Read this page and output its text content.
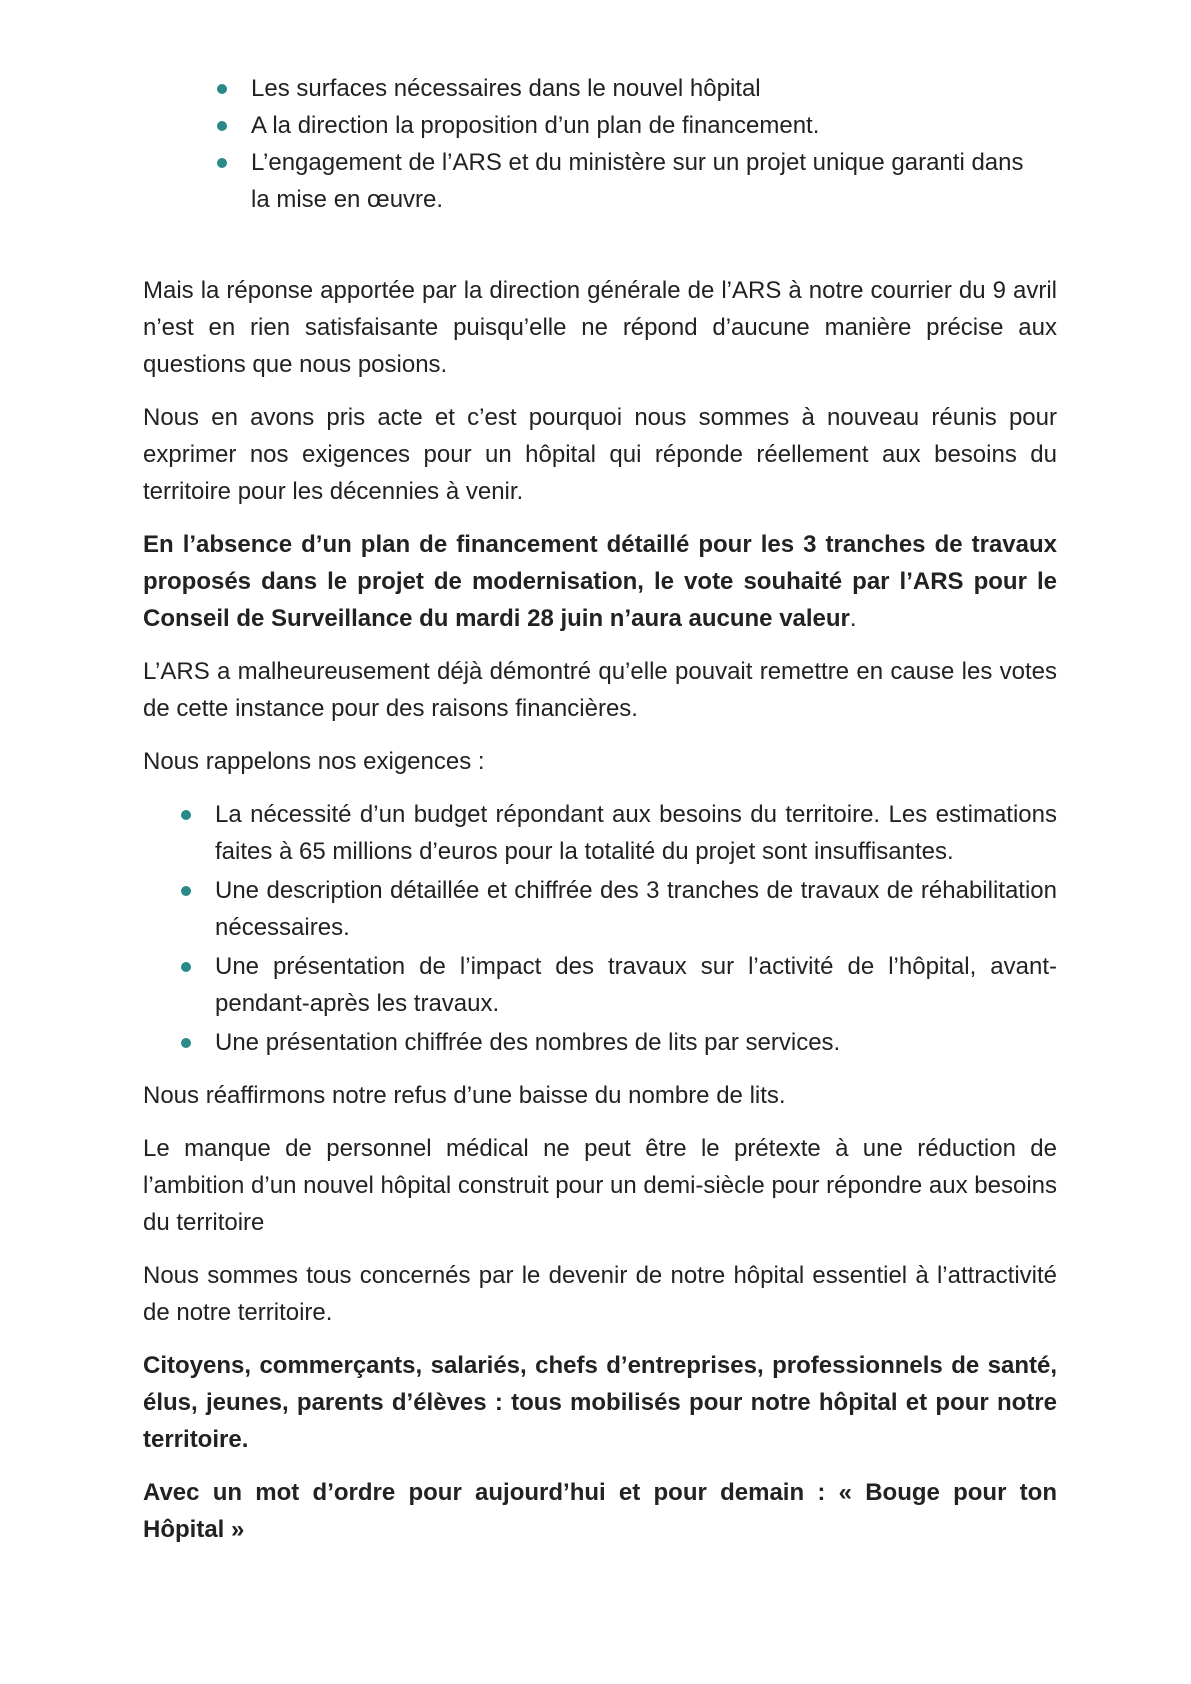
Les surfaces nécessaires dans le nouvel hôpital
A la direction la proposition d’un plan de financement.
L’engagement de l’ARS et du ministère sur un projet unique garanti dans la mise en œuvre.

Mais la réponse apportée par la direction générale de l’ARS à notre courrier du 9 avril n’est en rien satisfaisante puisqu’elle ne répond d’aucune manière précise aux questions que nous posions.

Nous en avons pris acte et c’est pourquoi nous sommes à nouveau réunis pour exprimer nos exigences pour un hôpital qui réponde réellement aux besoins du territoire pour les décennies à venir.

En l’absence d’un plan de financement détaillé pour les 3 tranches de travaux proposés dans le projet de modernisation, le vote souhaité par l’ARS pour le Conseil de Surveillance du mardi 28 juin n’aura aucune valeur.

L’ARS a malheureusement déjà démontré qu’elle pouvait remettre en cause les votes de cette instance pour des raisons financières.

Nous rappelons nos exigences :

La nécessité d’un budget répondant aux besoins du territoire. Les estimations faites à 65 millions d’euros pour la totalité du projet sont insuffisantes.
Une description détaillée et chiffrée des 3 tranches de travaux de réhabilitation nécessaires.
Une présentation de l’impact des travaux sur l’activité de l’hôpital, avant-pendant-après les travaux.
Une présentation chiffrée des nombres de lits par services.

Nous réaffirmons notre refus d’une baisse du nombre de lits.

Le manque de personnel médical ne peut être le prétexte à une réduction de l’ambition d’un nouvel hôpital construit pour un demi-siècle pour répondre aux besoins du territoire

Nous sommes tous concernés par le devenir de notre hôpital essentiel à l’attractivité de notre territoire.

Citoyens, commerçants, salariés, chefs d’entreprises, professionnels de santé, élus, jeunes, parents d’élèves : tous mobilisés pour notre hôpital et pour notre territoire.

Avec un mot d’ordre pour aujourd’hui et pour demain : « Bouge pour ton Hôpital »
